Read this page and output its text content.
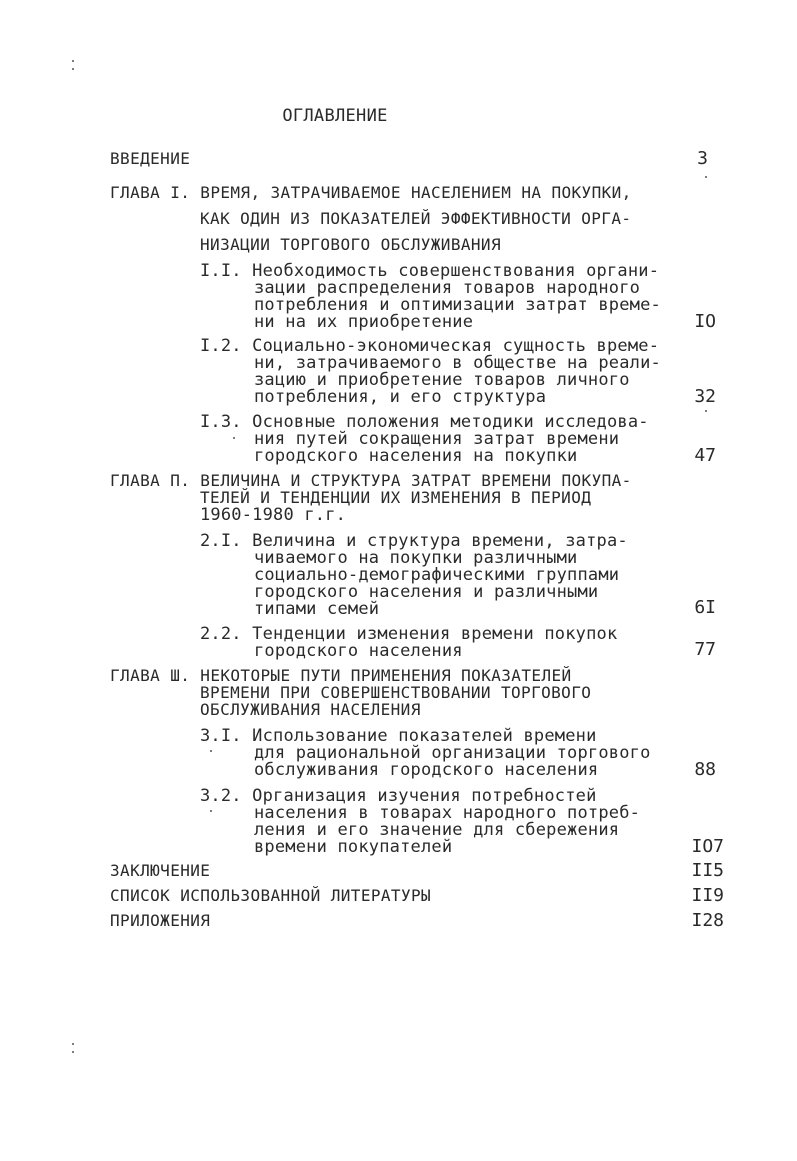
ОГЛАВЛЕНИЕ
ВВЕДЕНИЕ	3
ГЛАВА I. ВРЕМЯ, ЗАТРАЧИВАЕМОЕ НАСЕЛЕНИЕМ НА ПОКУПКИ,
КАК ОДИН ИЗ ПОКАЗАТЕЛЕЙ ЭФФЕКТИВНОСТИ ОРГА-
НИЗАЦИИ ТОРГОВОГО ОБСЛУЖИВАНИЯ
I.I. Необходимость совершенствования органи-
зации распределения товаров народного
потребления и оптимизации затрат време-
ни на их приобретение	IO
I.2. Социально-экономическая сущность време-
ни, затрачиваемого в обществе на реали-
зацию и приобретение товаров личного
потребления, и его структура	32
I.3. Основные положения методики исследова-
ния путей сокращения затрат времени
городского населения на покупки	47
ГЛАВА П. ВЕЛИЧИНА И СТРУКТУРА ЗАТРАТ ВРЕМЕНИ ПОКУПА-
ТЕЛЕЙ И ТЕНДЕНЦИИ ИХ ИЗМЕНЕНИЯ В ПЕРИОД
1960-1980 г.г.
2.I. Величина и структура времени, затра-
чиваемого на покупки различными
социально-демографическими группами
городского населения и различными
типами семей	6I
2.2. Тенденции изменения времени покупок
городского населения	77
ГЛАВА Ш. НЕКОТОРЫЕ ПУТИ ПРИМЕНЕНИЯ ПОКАЗАТЕЛЕЙ
ВРЕМЕНИ ПРИ СОВЕРШЕНСТВОВАНИИ ТОРГОВОГО
ОБСЛУЖИВАНИЯ НАСЕЛЕНИЯ
3.I. Использование показателей времени
для рациональной организации торгового
обслуживания городского населения	88
3.2. Организация изучения потребностей
населения в товарах народного потреб-
ления и его значение для сбережения
времени покупателей	IO7
ЗАКЛЮЧЕНИЕ	II5
СПИСОК ИСПОЛЬЗОВАННОЙ ЛИТЕРАТУРЫ	II9
ПРИЛОЖЕНИЯ	I28
